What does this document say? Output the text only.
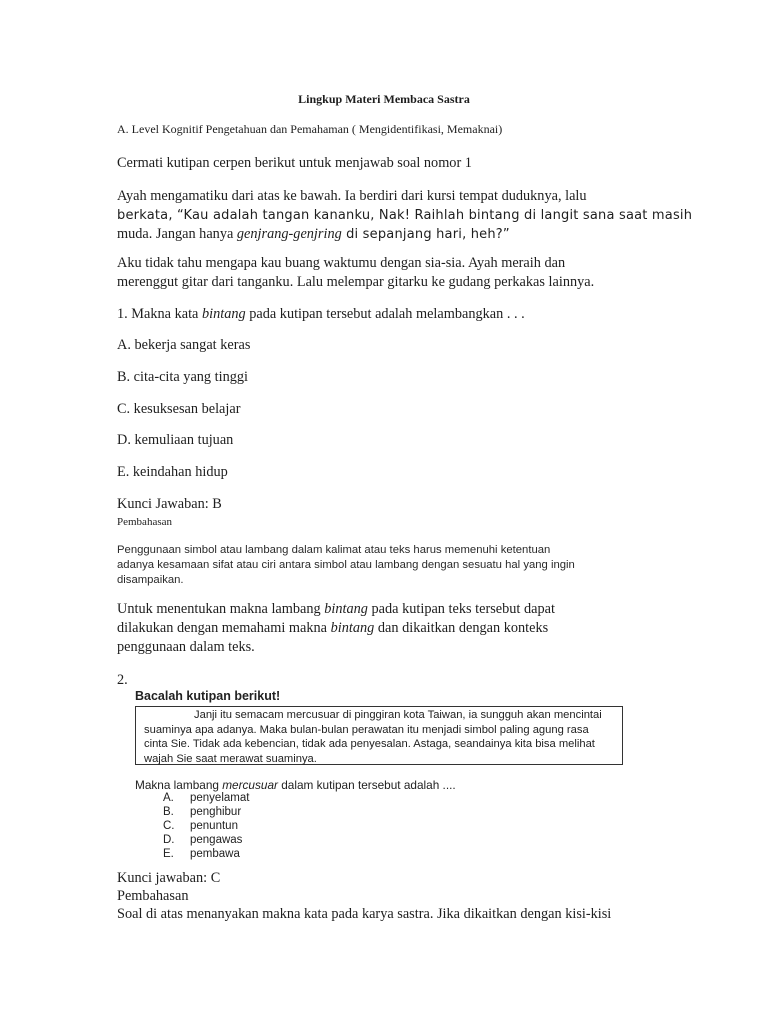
Lingkup Materi Membaca Sastra
A. Level Kognitif Pengetahuan dan Pemahaman ( Mengidentifikasi, Memaknai)
Cermati kutipan cerpen berikut untuk menjawab soal nomor 1
Ayah mengamatiku dari atas ke bawah. Ia berdiri dari kursi tempat duduknya, lalu
berkata, “Kau adalah tangan kananku, Nak! Raihlah bintang di langit sana saat masih
muda. Jangan hanya genjrang-genjring di sepanjang hari, heh?”
Aku tidak tahu mengapa kau buang waktumu dengan sia-sia. Ayah meraih dan
merenggut gitar dari tanganku. Lalu melempar gitarku ke gudang perkakas lainnya.
1. Makna kata bintang pada kutipan tersebut adalah melambangkan . . .
A. bekerja sangat keras
B. cita-cita yang tinggi
C. kesuksesan belajar
D. kemuliaan tujuan
E. keindahan hidup
Kunci Jawaban: B
Pembahasan
Penggunaan simbol atau lambang dalam kalimat atau teks harus memenuhi ketentuan
adanya kesamaan sifat atau ciri antara simbol atau lambang dengan sesuatu hal yang ingin
disampaikan.
Untuk menentukan makna lambang bintang pada kutipan teks tersebut dapat
dilakukan dengan memahami makna bintang dan dikaitkan dengan konteks
penggunaan dalam teks.
2.
Bacalah kutipan berikut!
Janji itu semacam mercusuar di pinggiran kota Taiwan, ia sungguh akan mencintai
suaminya apa adanya. Maka bulan-bulan perawatan itu menjadi simbol paling agung rasa
cinta Sie. Tidak ada kebencian, tidak ada penyesalan. Astaga, seandainya kita bisa melihat
wajah Sie saat merawat suaminya.
Makna lambang mercusuar dalam kutipan tersebut adalah ....
A. penyelamat
B. penghibur
C. penuntun
D. pengawas
E. pembawa
Kunci jawaban: C
Pembahasan
Soal di atas menanyakan makna kata pada karya sastra. Jika dikaitkan dengan kisi-kisi
